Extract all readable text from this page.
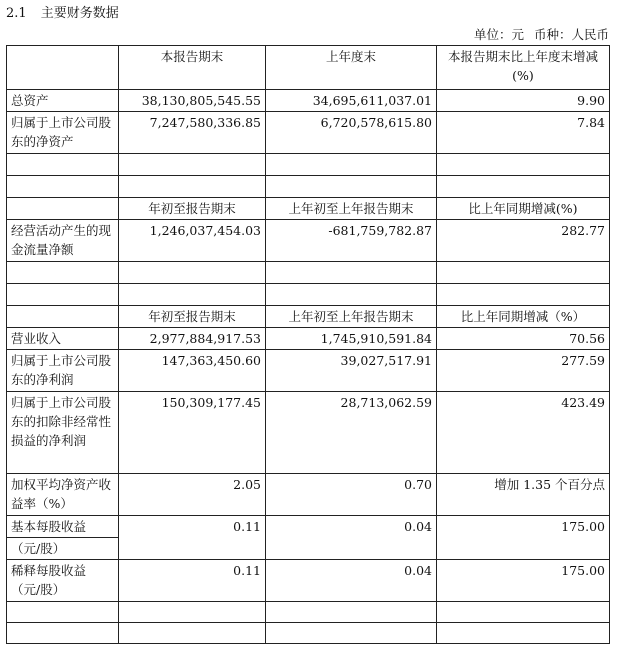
2.1 主要财务数据
单位：元 币种：人民币
	本报告期末	上年度末	本报告期末比上年度末增减(%)
总资产	38,130,805,545.55	34,695,611,037.01	9.90
归属于上市公司股东的净资产	7,247,580,336.85	6,720,578,615.80	7.84

	年初至报告期末	上年初至上年报告期末	比上年同期增减(%)
经营活动产生的现金流量净额	1,246,037,454.03	-681,759,782.87	282.77

	年初至报告期末	上年初至上年报告期末	比上年同期增减（%）
营业收入	2,977,884,917.53	1,745,910,591.84	70.56
归属于上市公司股东的净利润	147,363,450.60	39,027,517.91	277.59
归属于上市公司股东的扣除非经常性损益的净利润	150,309,177.45	28,713,062.59	423.49
加权平均净资产收益率（%）	2.05	0.70	增加 1.35 个百分点
基本每股收益	0.11	0.04	175.00
（元/股）			
稀释每股收益（元/股）	0.11	0.04	175.00
